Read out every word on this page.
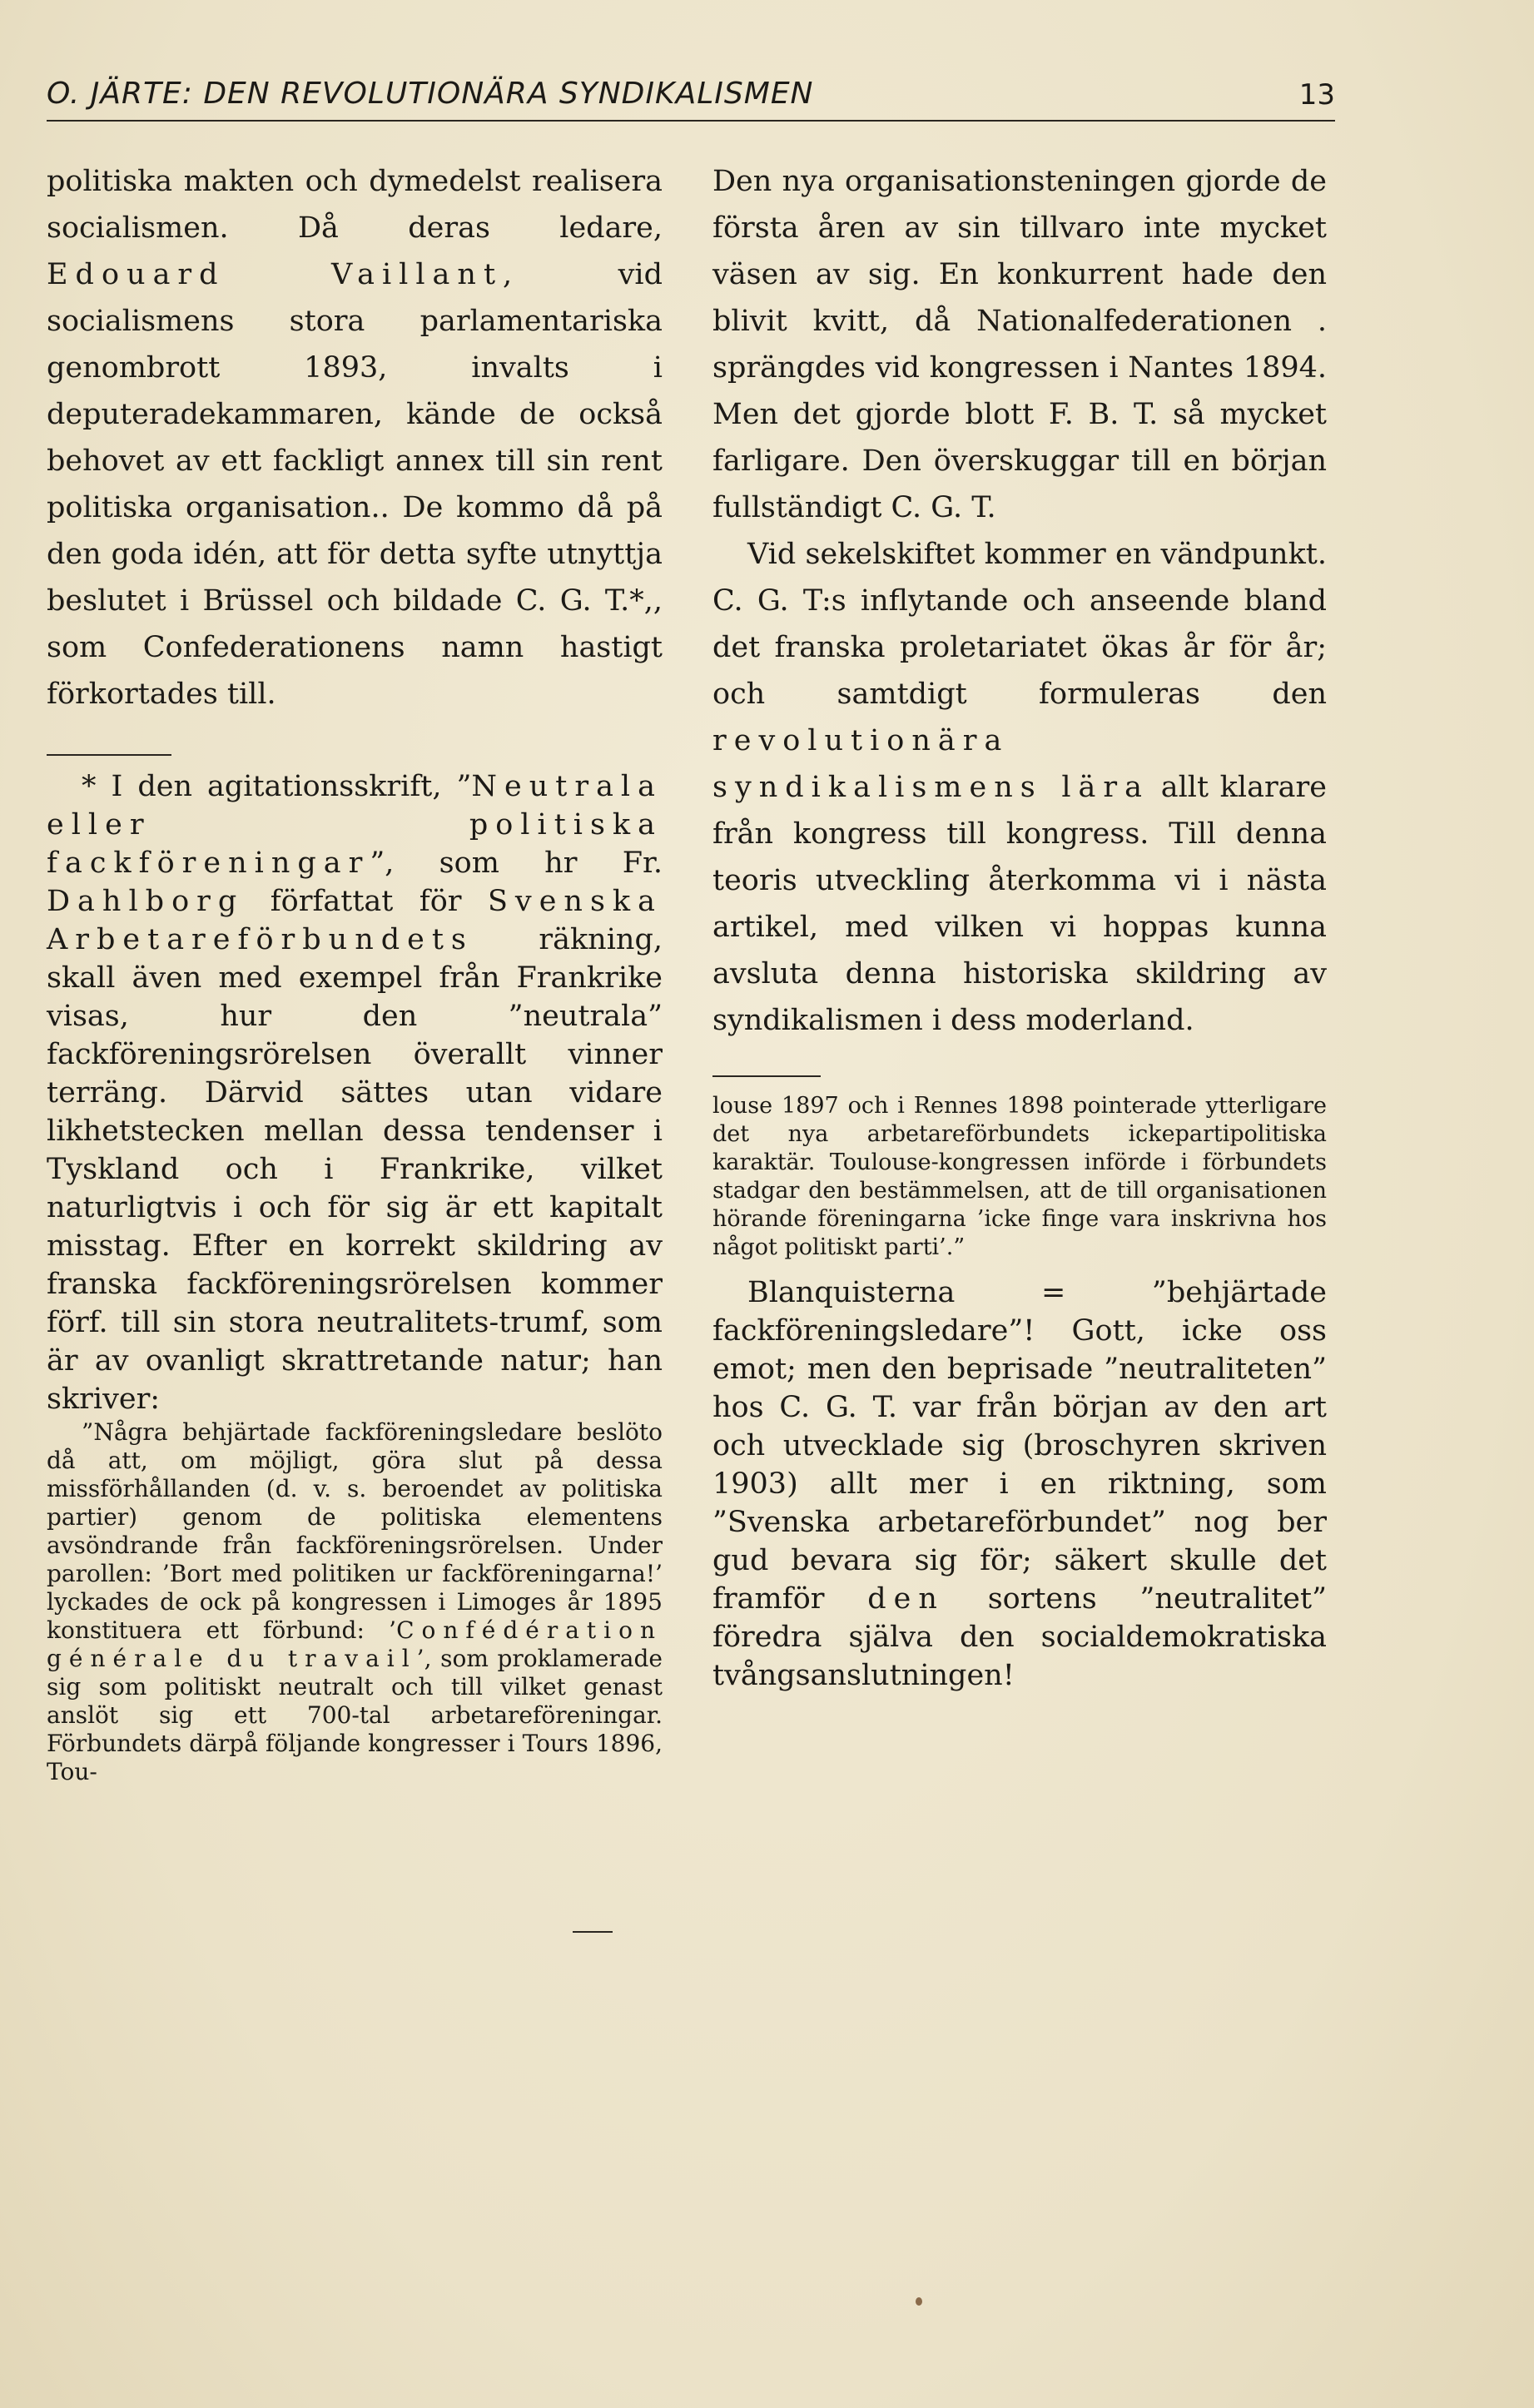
O. JÄRTE: DEN REVOLUTIONÄRA SYNDIKALISMEN	13

politiska makten och dymedelst realisera socialismen. Då deras ledare, Edouard Vaillant,	vid socialismens stora parlamentariska genombrott 1893, invalts i deputeradekammaren, kände de också behovet av ett fackligt annex till sin rent politiska organisation.. De kommo då på den goda idén, att för detta syfte utnyttja beslutet i Brüssel och bildade C. G. T.*,, som Confederationens namn hastigt förkortades till.

* I den agitationsskrift, ”Neutrala eller politiska fackföreningar”, som hr Fr. Dahlborg författat för Svenska Arbetareförbundets räkning, skall även med exempel från Frankrike visas, hur den ”neutrala” fackföreningsrörelsen överallt vinner terräng. Därvid sättes utan vidare likhetstecken mellan dessa tendenser i Tyskland och i Frankrike, vilket naturligtvis i och för sig är ett kapitalt misstag. Efter en korrekt skildring av franska fackföreningsrörelsen kommer förf. till sin stora neutralitets-trumf, som är av ovanligt skrattretande natur; han skriver:

”Några behjärtade fackföreningsledare beslöto då att, om möjligt, göra slut på dessa missförhållanden (d. v. s. beroendet av politiska partier) genom de politiska elementens avsöndrande från fackföreningsrörelsen. Under parollen: ’Bort med politiken ur fackföreningarna!’ lyckades de ock på kongressen i Limoges år 1895 konstituera ett förbund: ’Confédération générale du travail’, som proklamerade sig som politiskt neutralt och till vilket genast anslöt sig ett 700-tal arbetareföreningar. Förbundets därpå följande kongresser i Tours 1896, Tou-

Den nya organisationsteningen gjorde de första åren av sin tillvaro inte mycket väsen av sig. En konkurrent hade den blivit kvitt, då Nationalfederationen . sprängdes vid kongressen i Nantes 1894. Men det gjorde blott F. B. T. så mycket farligare. Den överskuggar till en början fullständigt C. G. T.

Vid sekelskiftet kommer en vändpunkt. C. G. T:s inflytande och anseende bland det franska proletariatet ökas år för år; och samtdigt formuleras den revolutionära syndikalismens lära allt klarare från kongress till kongress. Till denna teoris utveckling återkomma vi i nästa artikel, med vilken vi hoppas kunna avsluta denna historiska skildring av syndikalismen i dess moderland.

louse 1897 och i Rennes 1898 pointerade ytterligare det nya arbetareförbundets ickepartipolitiska karaktär. Toulouse-kongressen införde i förbundets stadgar den bestämmelsen, att de till organisationen hörande föreningarna ’icke finge vara inskrivna hos något politiskt parti’.”

Blanquisterna = ”behjärtade fackföreningsledare”! Gott, icke oss emot; men den beprisade ”neutraliteten” hos C. G. T. var från början av den art och utvecklade sig (broschyren skriven 1903) allt mer i en riktning, som ”Svenska arbetareförbundet” nog ber gud bevara sig för; säkert skulle det framför den sortens ”neutralitet” föredra själva den socialdemokratiska tvångsanslutningen!
